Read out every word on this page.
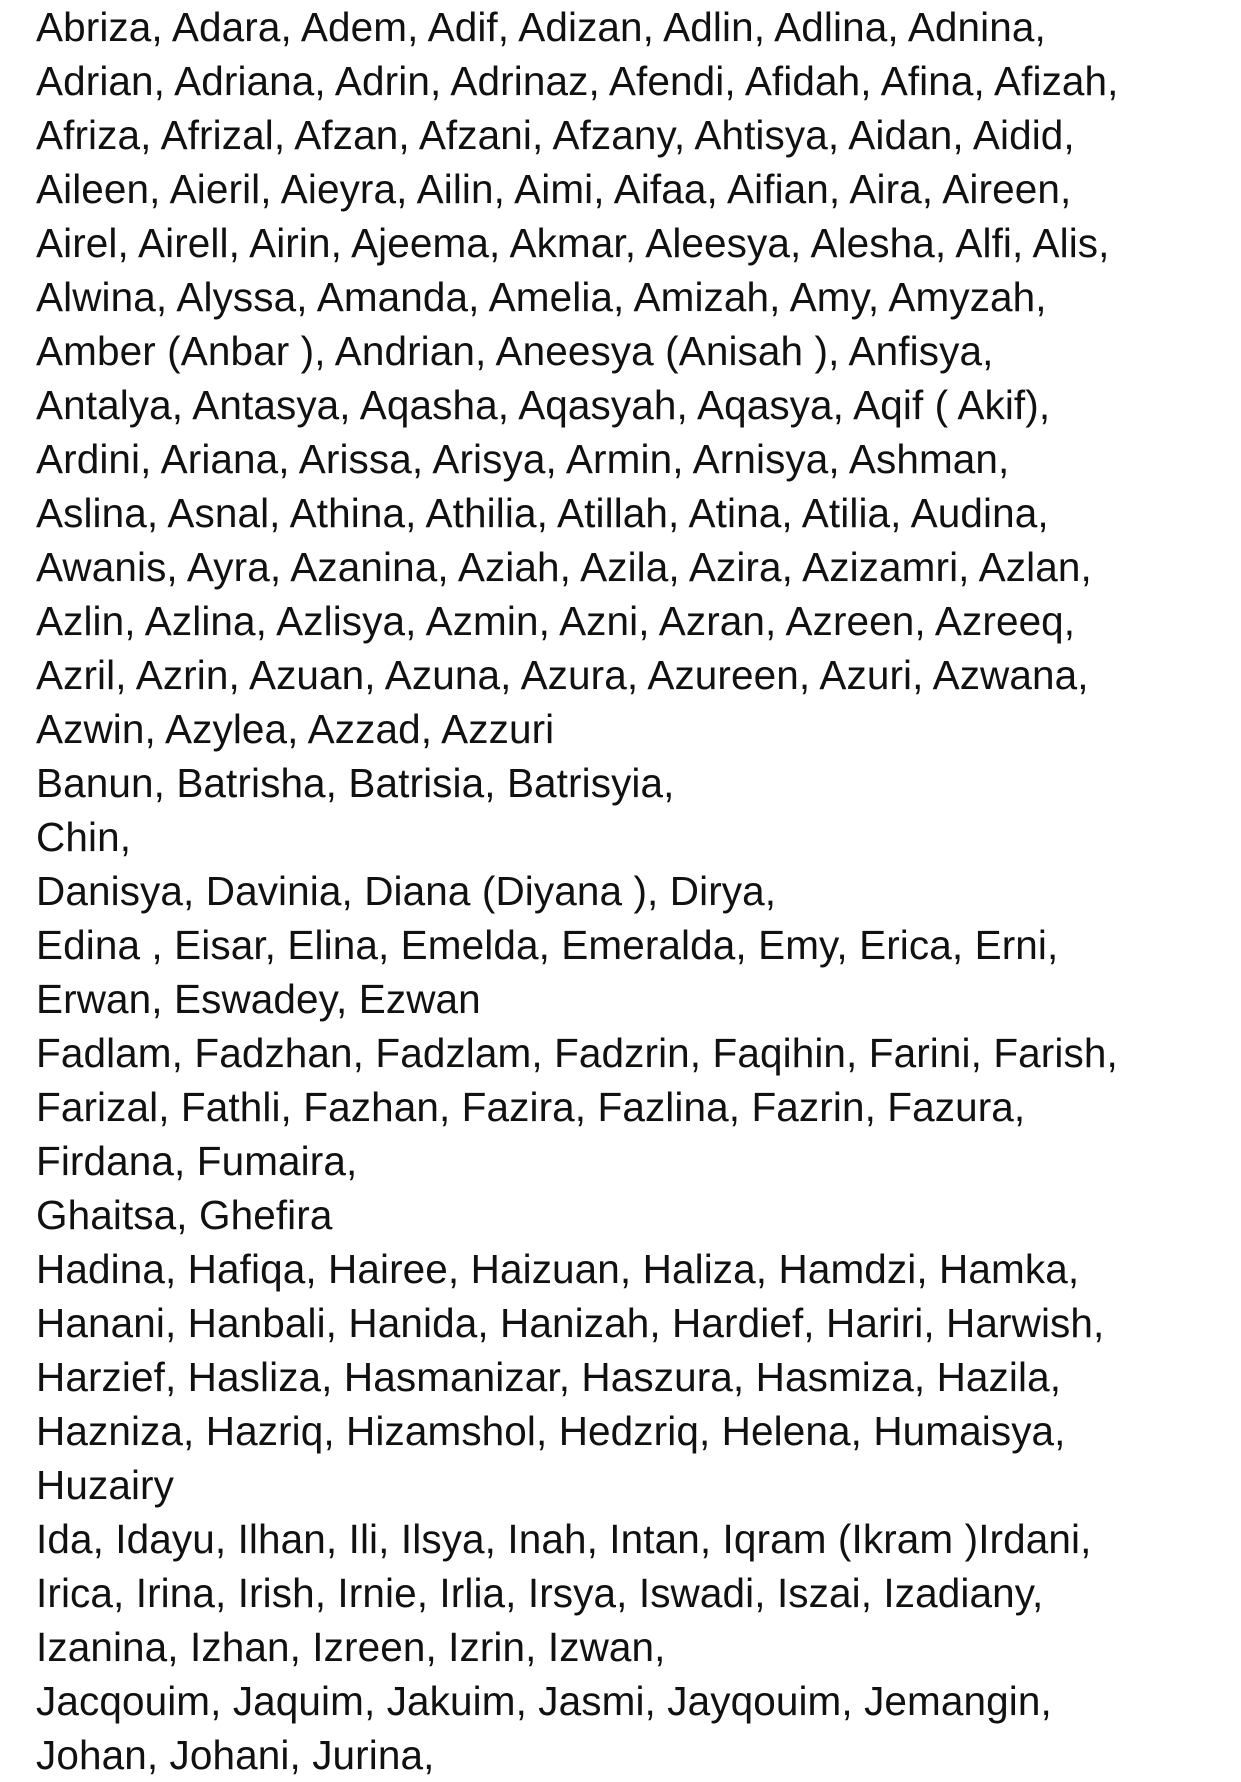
Abriza, Adara, Adem, Adif, Adizan, Adlin, Adlina, Adnina,
Adrian, Adriana, Adrin, Adrinaz, Afendi, Afidah, Afina, Afizah,
Afriza, Afrizal, Afzan, Afzani, Afzany, Ahtisya, Aidan, Aidid,
Aileen, Aieril, Aieyra, Ailin, Aimi, Aifaa, Aifian, Aira, Aireen,
Airel, Airell, Airin, Ajeema, Akmar, Aleesya, Alesha, Alfi, Alis,
Alwina, Alyssa, Amanda, Amelia, Amizah, Amy, Amyzah,
Amber (Anbar ), Andrian, Aneesya (Anisah ), Anfisya,
Antalya, Antasya, Aqasha, Aqasyah, Aqasya, Aqif ( Akif),
Ardini, Ariana, Arissa, Arisya, Armin, Arnisya, Ashman,
Aslina, Asnal, Athina, Athilia, Atillah, Atina, Atilia, Audina,
Awanis, Ayra, Azanina, Aziah, Azila, Azira, Azizamri, Azlan,
Azlin, Azlina, Azlisya, Azmin, Azni, Azran, Azreen, Azreeq,
Azril, Azrin, Azuan, Azuna, Azura, Azureen, Azuri, Azwana,
Azwin, Azylea, Azzad, Azzuri
Banun, Batrisha, Batrisia, Batrisyia,
Chin,
Danisya, Davinia, Diana (Diyana ), Dirya,
Edina , Eisar, Elina, Emelda, Emeralda, Emy, Erica, Erni,
Erwan, Eswadey, Ezwan
Fadlam, Fadzhan, Fadzlam, Fadzrin, Faqihin, Farini, Farish,
Farizal, Fathli, Fazhan, Fazira, Fazlina, Fazrin, Fazura,
Firdana, Fumaira,
Ghaitsa, Ghefira
Hadina, Hafiqa, Hairee, Haizuan, Haliza, Hamdzi, Hamka,
Hanani, Hanbali, Hanida, Hanizah, Hardief, Hariri, Harwish,
Harzief, Hasliza, Hasmanizar, Haszura, Hasmiza, Hazila,
Hazniza, Hazriq, Hizamshol, Hedzriq, Helena, Humaisya,
Huzairy
Ida, Idayu, Ilhan, Ili, Ilsya, Inah, Intan, Iqram (Ikram )Irdani,
Irica, Irina, Irish, Irnie, Irlia, Irsya, Iswadi, Iszai, Izadiany,
Izanina, Izhan, Izreen, Izrin, Izwan,
Jacqouim, Jaquim, Jakuim, Jasmi, Jayqouim, Jemangin,
Johan, Johani, Jurina,
